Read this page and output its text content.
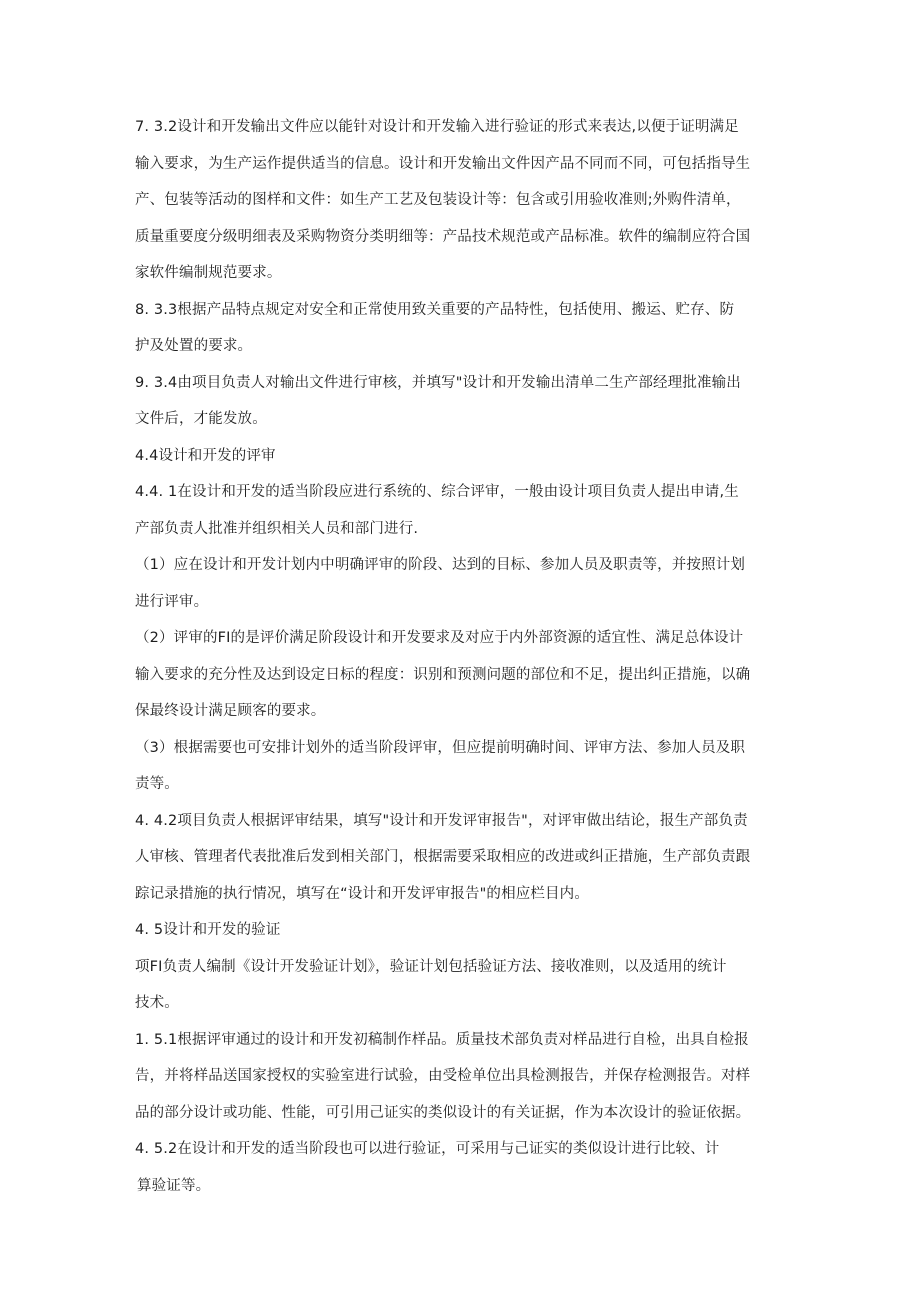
7. 3.2设计和开发输出文件应以能针对设计和开发输入进行验证的形式来表达,以便于证明满足
输入要求，为生产运作提供适当的信息。设计和开发输出文件因产品不同而不同，可包括指导生
产、包装等活动的图样和文件：如生产工艺及包装设计等：包含或引用验收准则;外购件清单，
质量重要度分级明细表及采购物资分类明细等：产品技术规范或产品标准。软件的编制应符合国
家软件编制规范要求。
8. 3.3根据产品特点规定对安全和正常使用致关重要的产品特性，包括使用、搬运、贮存、防
护及处置的要求。
9. 3.4由项目负责人对输出文件进行审核，并填写"设计和开发输出清单二生产部经理批准输出
文件后，才能发放。
4.4设计和开发的评审
4.4. 1在设计和开发的适当阶段应进行系统的、综合评审，一般由设计项目负责人提出申请,生
产部负责人批准并组织相关人员和部门进行.
（1）应在设计和开发计划内中明确评审的阶段、达到的目标、参加人员及职责等，并按照计划
进行评审。
（2）评审的FI的是评价满足阶段设计和开发要求及对应于内外部资源的适宜性、满足总体设计
输入要求的充分性及达到设定日标的程度：识别和预测问题的部位和不足，提出纠正措施，以确
保最终设计满足顾客的要求。
（3）根据需要也可安排计划外的适当阶段评审，但应提前明确时间、评审方法、参加人员及职
责等。
4. 4.2项目负责人根据评审结果，填写"设计和开发评审报告"，对评审做出结论，报生产部负责
人审核、管理者代表批准后发到相关部门，根据需要采取相应的改进或纠正措施，生产部负责跟
踪记录措施的执行情况，填写在“设计和开发评审报告"的相应栏目内。
4. 5设计和开发的验证
项FI负责人编制《设计开发验证计划》，验证计划包括验证方法、接收准则，以及适用的统计
技术。
1. 5.1根据评审通过的设计和开发初稿制作样品。质量技术部负责对样品进行自检，出具自检报
告，并将样品送国家授权的实验室进行试验，由受检单位出具检测报告，并保存检测报告。对样
品的部分设计或功能、性能，可引用己证实的类似设计的有关证据，作为本次设计的验证依据。
4. 5.2在设计和开发的适当阶段也可以进行验证，可采用与己证实的类似设计进行比较、计
算验证等。
